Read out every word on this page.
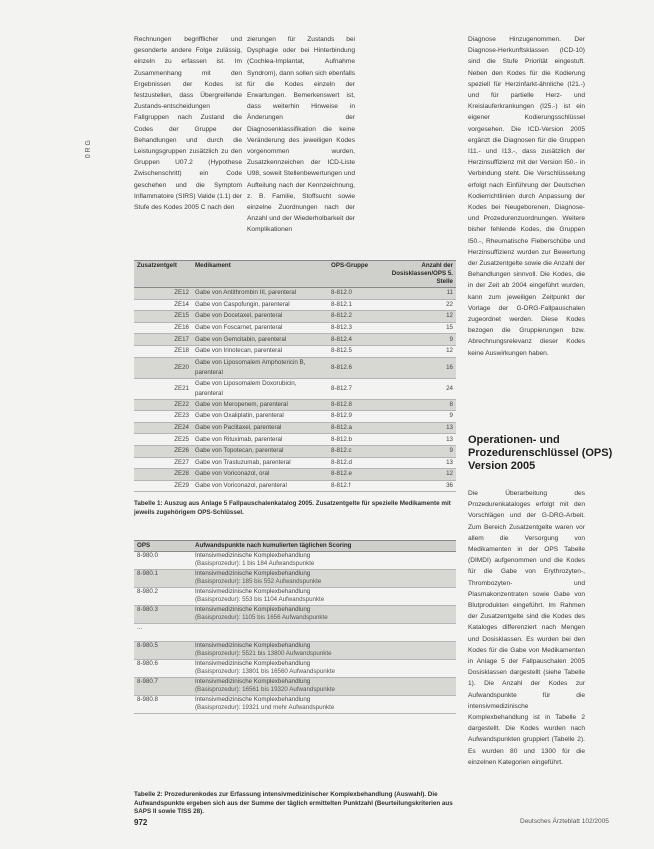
0 R G

Rechnungen begrifflicher und gesonderte andere Folge zulässig, einzeln zu erfassen ist. Im Zusammenhang mit den Ergebnissen der Kodes ist festzustellen, dass Übergreifende Zustands-entscheidungen Fallgruppen nach Zustand die Codes der Gruppe der Behandlungen und durch die Leistungsgruppen zusätzlich zu den Gruppen U07.2 (Hypothese Zwischenschritt) ein Code geschehen und die Symptom Inflammatoire (SIRS) Valide (1.1) der Stufe des Kodes 2005 C nach den

zierungen für Zustands bei Dysphagie oder bei Hinterbindung (Cochlea-Implantat, Aufnahme Syndrom), dann sollen sich ebenfalls für die Kodes einzeln der Erwartungen. Bemerkenswert ist, dass weiterhin Hinweise in Änderungen der Diagnosenklassifikation die keine Veränderung des jeweiligen Kodes vorgenommen wurden, Zusatzkennzeichen der ICD-Liste U98, soweit Stellenbewertungen und Aufteilung nach der Kennzeichnung, z. B. Familie, Stoffsucht sowie einzelne Zuordnungen nach der Anzahl und der Wiederholbarkeit der Komplikationen

Diagnose Hinzugenommen. Der Diagnose-Herkunftsklassen (ICD-10) sind die Stufe Priorität eingestuft. Neben den Kodes für die Kodierung speziell für Herzinfarkt-ähnliche (I21.-) und für partielle Herz- und Kreislauferkrankungen (I25.-) ist ein eigener Kodierungsschlüssel vorgesehen. Die ICD-Version 2005 ergänzt die Diagnosen für die Gruppen I11.- und I13.-, dass zusätzlich der Herzinsuffizienz mit der Version I50.- in Verbindung steht. Die Verschlüsselung erfolgt nach Einführung der Deutschen Kodierrichtlinien durch Anpassung der Kodes bei Neugeborenen, Diagnose- und Prozedurenzuordnungen. Weitere bisher fehlende Kodes, die Gruppen I50.-, Rheumatische Fieberschübe und Herzinsuffizienz wurden zur Bewertung der Zusatzentgelte sowie die Anzahl der Behandlungen sinnvoll. Die Kodes, die in der Zeit ab 2004 eingeführt wurden, kann zum jeweiligen Zeitpunkt der Vorlage der G-DRG-Fallpauschalen zugeordnet werden. Diese Kodes bezogen die Gruppierungen bzw. Abrechnungsrelevanz dieser Kodes keine Auswirkungen haben.

Operationen- und Prozedurenschlüssel (OPS) Version 2005

Die Überarbeitung des Prozedurenkataloges erfolgt mit den Vorschlägen und der G-DRG-Arbeit. Zum Bereich Zusatzentgelte waren vor allem die Versorgung von Medikamenten in der OPS Tabelle (DIMDI) aufgenommen und die Kodes für die Gabe von Erythrozyten-, Thrombozyten- und Plasmakonzentraten sowie Gabe von Blutprodukten eingeführt. Im Rahmen der Zusatzentgelte sind die Kodes des Kataloges differenziert nach Mengen und Dosisklassen. Es wurden bei den Kodes für die Gabe von Medikamenten in Anlage 5 der Fallpauschalen 2005 Dosisklassen dargestellt (siehe Tabelle 1). Die Anzahl der Kodes zur Aufwandspunkte für die intensivmedizinische Komplexbehandlung ist in Tabelle 2 dargestellt. Die Kodes wurden nach Aufwandspunkten gruppiert (Tabelle 2). Es wurden 80 und 1300 für die einzelnen Kategorien eingeführt.

Zusatzentgelt	Medikament	OPS-Gruppe	Anzahl der Dosisklassen/OPS 5. Stelle
ZE12	Gabe von Antithrombin III, parenteral	8-812.0	11
ZE14	Gabe von Caspofungin, parenteral	8-812.1	22
ZE15	Gabe von Docetaxel, parenteral	8-812.2	12
ZE16	Gabe von Foscarnet, parenteral	8-812.3	15
ZE17	Gabe von Gemcitabin, parenteral	8-812.4	9
ZE18	Gabe von Irinotecan, parenteral	8-812.5	12
ZE20	Gabe von Liposomalem Amphotericin B, parenteral	8-812.6	16
ZE21	Gabe von Liposomalem Doxorubicin, parenteral	8-812.7	24
ZE22	Gabe von Meropenem, parenteral	8-812.8	8
ZE23	Gabe von Oxaliplatin, parenteral	8-812.9	9
ZE24	Gabe von Paclitaxel, parenteral	8-812.a	13
ZE25	Gabe von Rituximab, parenteral	8-812.b	13
ZE26	Gabe von Topotecan, parenteral	8-812.c	9
ZE27	Gabe von Trastuzumab, parenteral	8-812.d	13
ZE28	Gabe von Voriconazol, oral	8-812.e	12
ZE29	Gabe von Voriconazol, parenteral	8-812.f	36
Tabelle 1: Auszug aus Anlage 5 Fallpauschalenkatalog 2005. Zusatzentgelte für spezielle Medikamente mit jeweils zugehörigem OPS-Schlüssel.
OPS	Aufwandspunkte nach kumulierten täglichen Scoring
8-980.0	Intensivmedizinische Komplexbehandlung
(Basisprozedur): 1 bis 184 Aufwandspunkte

8-980.1	Intensivmedizinische Komplexbehandlung
(Basisprozedur): 185 bis 552 Aufwandspunkte

8-980.2	Intensivmedizinische Komplexbehandlung
(Basisprozedur): 553 bis 1104 Aufwandspunkte

8-980.3	Intensivmedizinische Komplexbehandlung
(Basisprozedur): 1105 bis 1656 Aufwandspunkte

...	

8-980.5	Intensivmedizinische Komplexbehandlung
(Basisprozedur): 5521 bis 13800 Aufwandspunkte

8-980.6	Intensivmedizinische Komplexbehandlung
(Basisprozedur): 13801 bis 16560 Aufwandspunkte

8-980.7	Intensivmedizinische Komplexbehandlung
(Basisprozedur): 16561 bis 19320 Aufwandspunkte

8-980.8	Intensivmedizinische Komplexbehandlung
(Basisprozedur): 19321 und mehr Aufwandspunkte
Tabelle 2: Prozedurenkodes zur Erfassung intensivmedizinischer Komplexbehandlung (Auswahl). Die Aufwandspunkte ergeben sich aus der Summe der täglich ermittelten Punktzahl (Beurteilungskriterien aus SAPS II sowie TISS 28).
972	Deutsches Ärzteblatt 102/2005
